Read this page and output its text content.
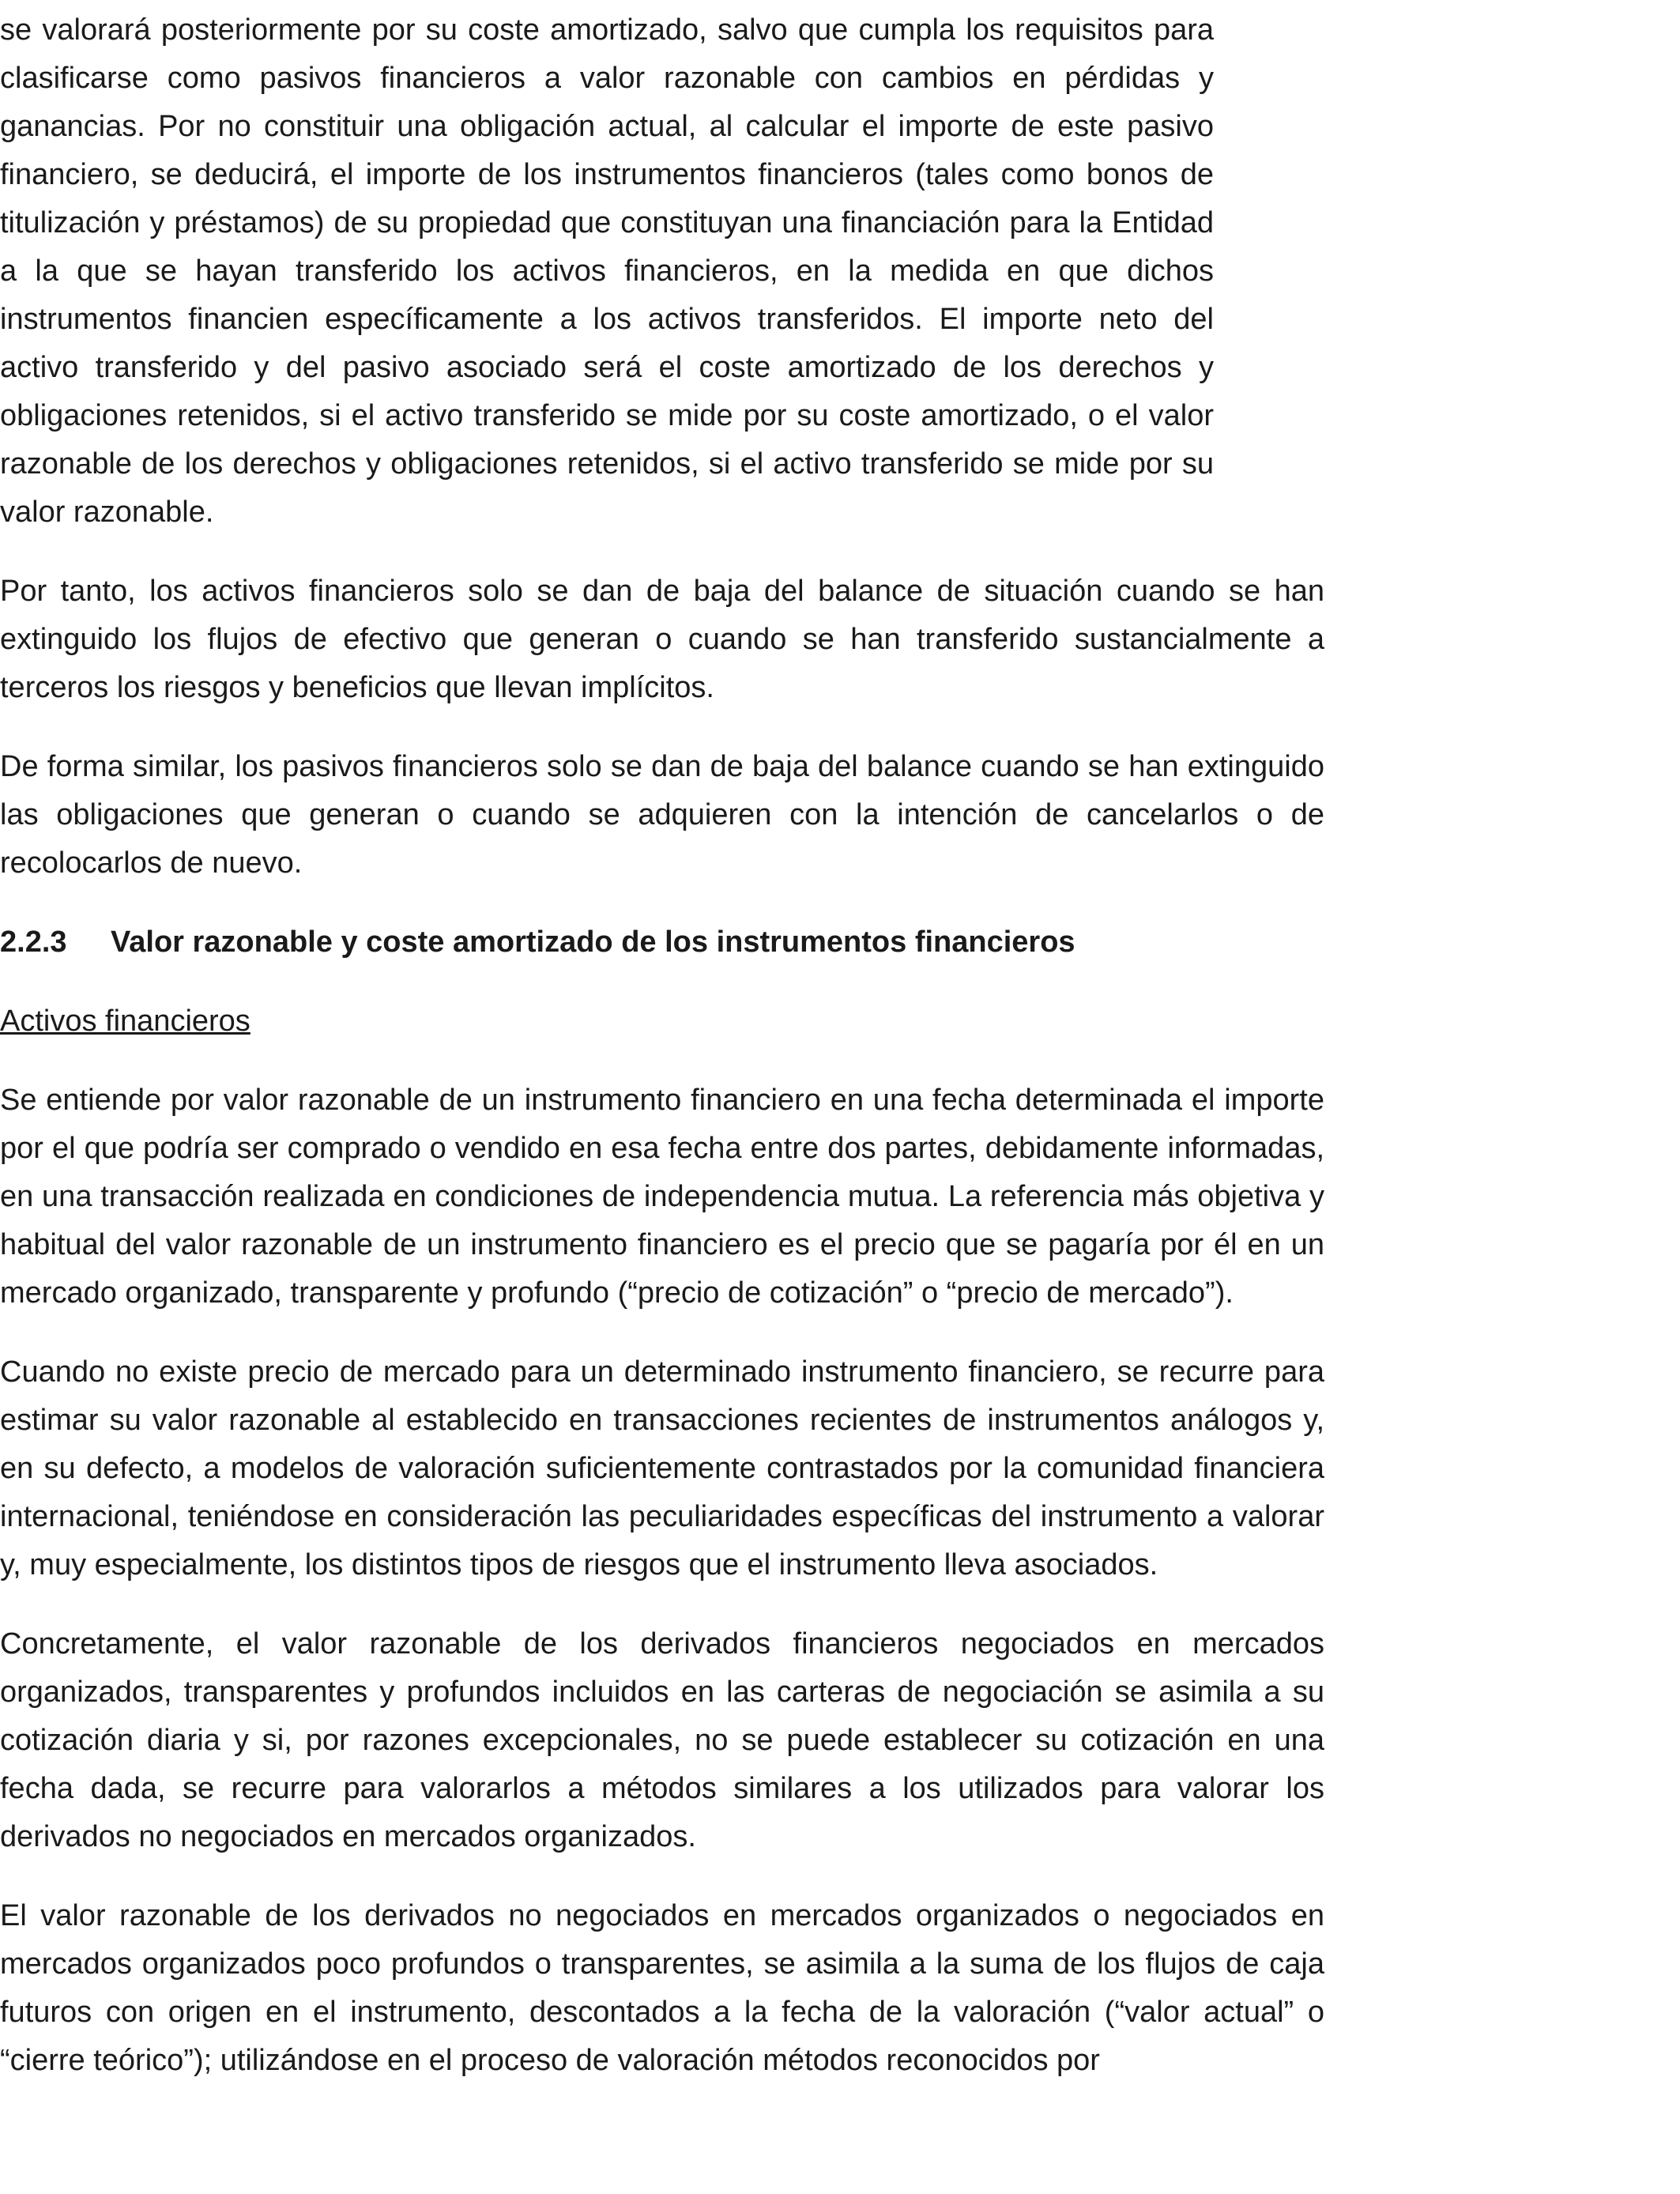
se valorará posteriormente por su coste amortizado, salvo que cumpla los requisitos para clasificarse como pasivos financieros a valor razonable con cambios en pérdidas y ganancias. Por no constituir una obligación actual, al calcular el importe de este pasivo financiero, se deducirá, el importe de los instrumentos financieros (tales como bonos de titulización y préstamos) de su propiedad que constituyan una financiación para la Entidad a la que se hayan transferido los activos financieros, en la medida en que dichos instrumentos financien específicamente a los activos transferidos. El importe neto del activo transferido y del pasivo asociado será el coste amortizado de los derechos y obligaciones retenidos, si el activo transferido se mide por su coste amortizado, o el valor razonable de los derechos y obligaciones retenidos, si el activo transferido se mide por su valor razonable.

Por tanto, los activos financieros solo se dan de baja del balance de situación cuando se han extinguido los flujos de efectivo que generan o cuando se han transferido sustancialmente a terceros los riesgos y beneficios que llevan implícitos.

De forma similar, los pasivos financieros solo se dan de baja del balance cuando se han extinguido las obligaciones que generan o cuando se adquieren con la intención de cancelarlos o de recolocarlos de nuevo.

2.2.3	Valor razonable y coste amortizado de los instrumentos financieros
Activos financieros

Se entiende por valor razonable de un instrumento financiero en una fecha determinada el importe por el que podría ser comprado o vendido en esa fecha entre dos partes, debidamente informadas, en una transacción realizada en condiciones de independencia mutua. La referencia más objetiva y habitual del valor razonable de un instrumento financiero es el precio que se pagaría por él en un mercado organizado, transparente y profundo (“precio de cotización” o “precio de mercado”).

Cuando no existe precio de mercado para un determinado instrumento financiero, se recurre para estimar su valor razonable al establecido en transacciones recientes de instrumentos análogos y, en su defecto, a modelos de valoración suficientemente contrastados por la comunidad financiera internacional, teniéndose en consideración las peculiaridades específicas del instrumento a valorar y, muy especialmente, los distintos tipos de riesgos que el instrumento lleva asociados.

Concretamente, el valor razonable de los derivados financieros negociados en mercados organizados, transparentes y profundos incluidos en las carteras de negociación se asimila a su cotización diaria y si, por razones excepcionales, no se puede establecer su cotización en una fecha dada, se recurre para valorarlos a métodos similares a los utilizados para valorar los derivados no negociados en mercados organizados.

El valor razonable de los derivados no negociados en mercados organizados o negociados en mercados organizados poco profundos o transparentes, se asimila a la suma de los flujos de caja futuros con origen en el instrumento, descontados a la fecha de la valoración (“valor actual” o “cierre teórico”); utilizándose en el proceso de valoración métodos reconocidos por
